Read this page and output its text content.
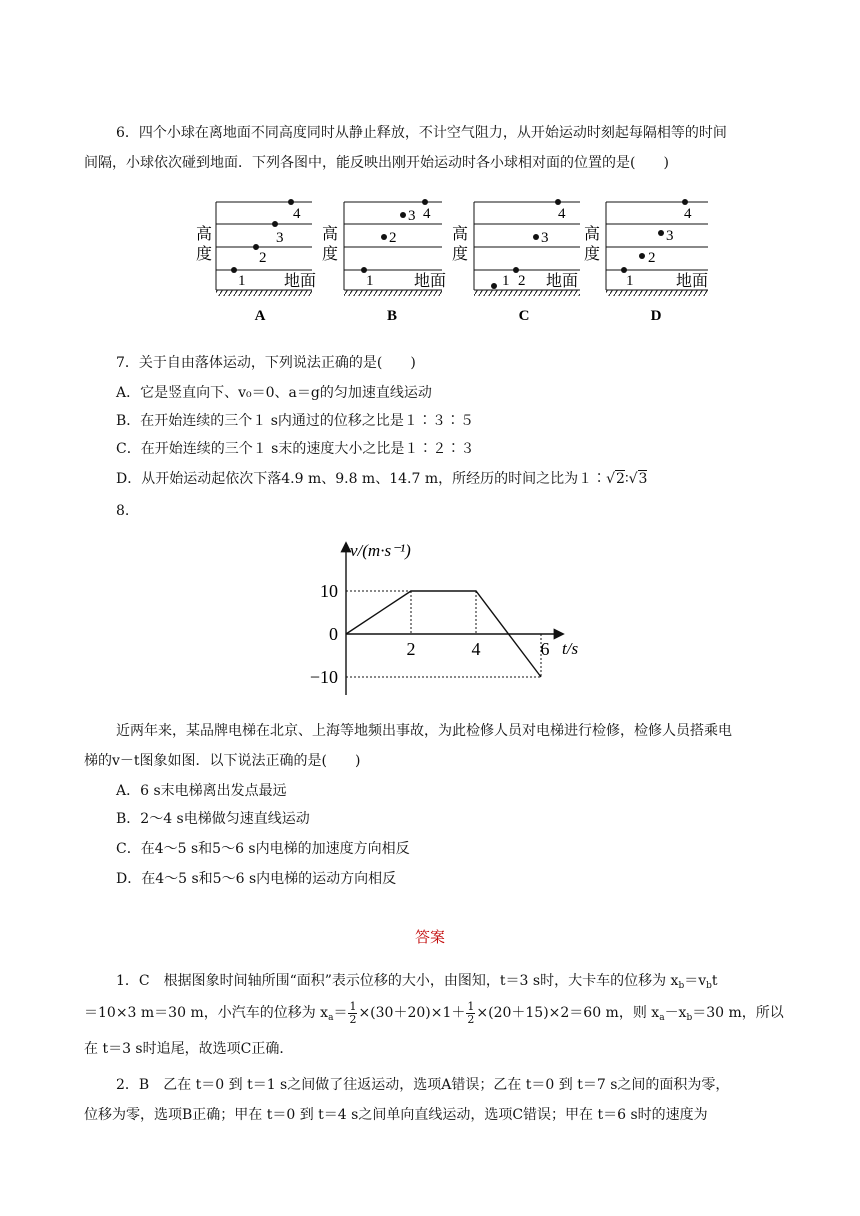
6．四个小球在离地面不同高度同时从静止释放，不计空气阻力，从开始运动时刻起每隔相等的时间
间隔，小球依次碰到地面．下列各图中，能反映出刚开始运动时各小球相对面的位置的是(　　)
高
度
1
2
3
4
地面
A
高
度
1
2
3 4
地面
B
高
度
1 2
3
4
地面
C
高
度
1
2
3
4
地面
D
7．关于自由落体运动，下列说法正确的是(　　)
A．它是竖直向下、v₀＝0、a＝g的匀加速直线运动
B．在开始连续的三个１ s内通过的位移之比是１∶３∶５
C．在开始连续的三个１ s末的速度大小之比是１∶２∶３
D．从开始运动起依次下落4.9 m、9.8 m、14.7 m，所经历的时间之比为１∶√2∶√3
8.
v/(m·s⁻¹)
t/s
2	4	6
10
0
−10
近两年来，某品牌电梯在北京、上海等地频出事故，为此检修人员对电梯进行检修，检修人员搭乘电
梯的v－t图象如图．以下说法正确的是(　　)
A．6 s末电梯离出发点最远
B．2～4 s电梯做匀速直线运动
C．在4～5 s和5～6 s内电梯的加速度方向相反
D．在4～5 s和5～6 s内电梯的运动方向相反
答案
1．C　根据图象时间轴所围“面积”表示位移的大小，由图知，t＝3 s时，大卡车的位移为 $x_b=v_bt$
＝10×3 m＝30 m，小汽车的位移为 $x_a= \frac{1}{2} \times(30+20)\times 1+ \frac{1}{2} \times(20+15)\times 2=60$ m，则 $x_a-x_b=30$ m，所以
在 t＝3 s时追尾，故选项C正确．
2．B　乙在 t＝0 到 t＝1 s之间做了往返运动，选项A错误；乙在 t＝0 到 t＝7 s之间的面积为零，
位移为零，选项B正确；甲在 t＝0 到 t＝4 s之间单向直线运动，选项C错误；甲在 t＝6 s时的速度为
